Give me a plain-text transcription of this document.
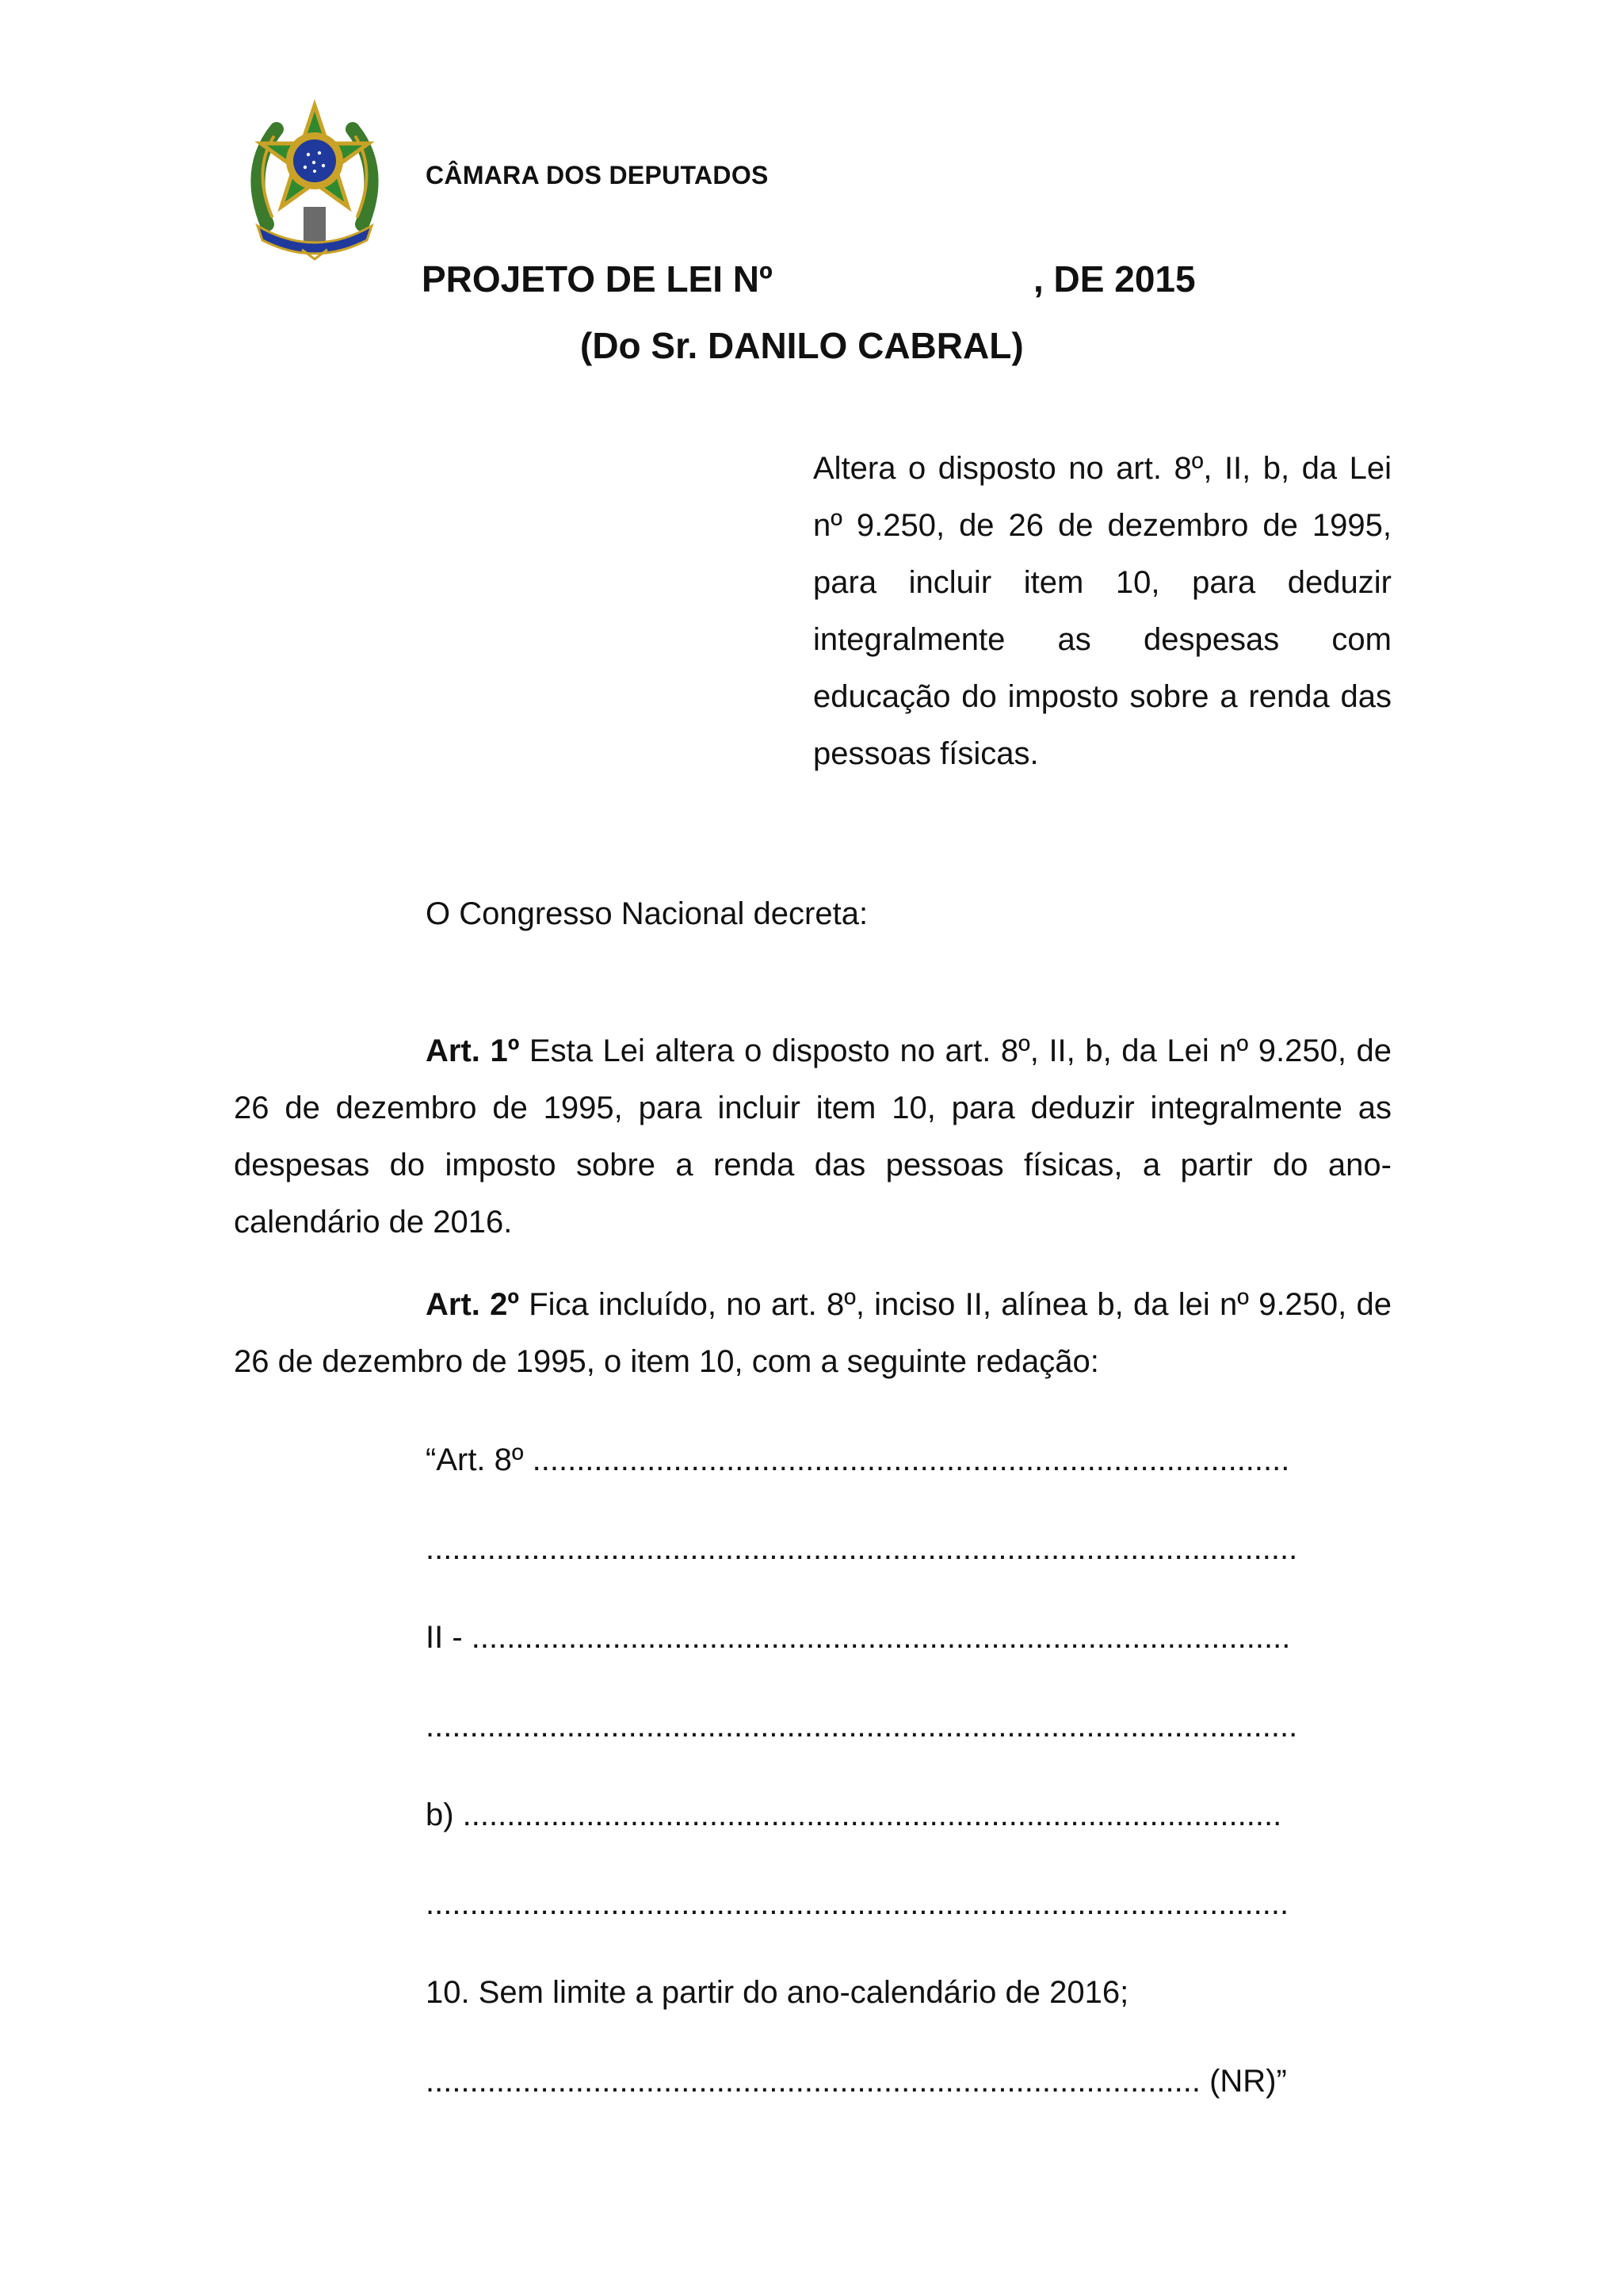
CÂMARA DOS DEPUTADOS
PROJETO DE LEI Nº	, DE 2015
(Do Sr. DANILO CABRAL)
Altera o disposto no art. 8º, II, b, da Lei nº 9.250, de 26 de dezembro de 1995, para incluir item 10, para deduzir integralmente as despesas com educação do imposto sobre a renda das pessoas físicas.
O Congresso Nacional decreta:
Art. 1º Esta Lei altera o disposto no art. 8º, II, b, da Lei nº 9.250, de 26 de dezembro de 1995, para incluir item 10, para deduzir integralmente as despesas do imposto sobre a renda das pessoas físicas, a partir do ano-calendário de 2016.
Art. 2º Fica incluído, no art. 8º, inciso II, alínea b, da lei nº 9.250, de 26 de dezembro de 1995, o item 10, com a seguinte redação:
“Art. 8º ......................................................................................
...................................................................................................
II - .............................................................................................
...................................................................................................
b) .............................................................................................
..................................................................................................
10. Sem limite a partir do ano-calendário de 2016;
........................................................................................ (NR)”
